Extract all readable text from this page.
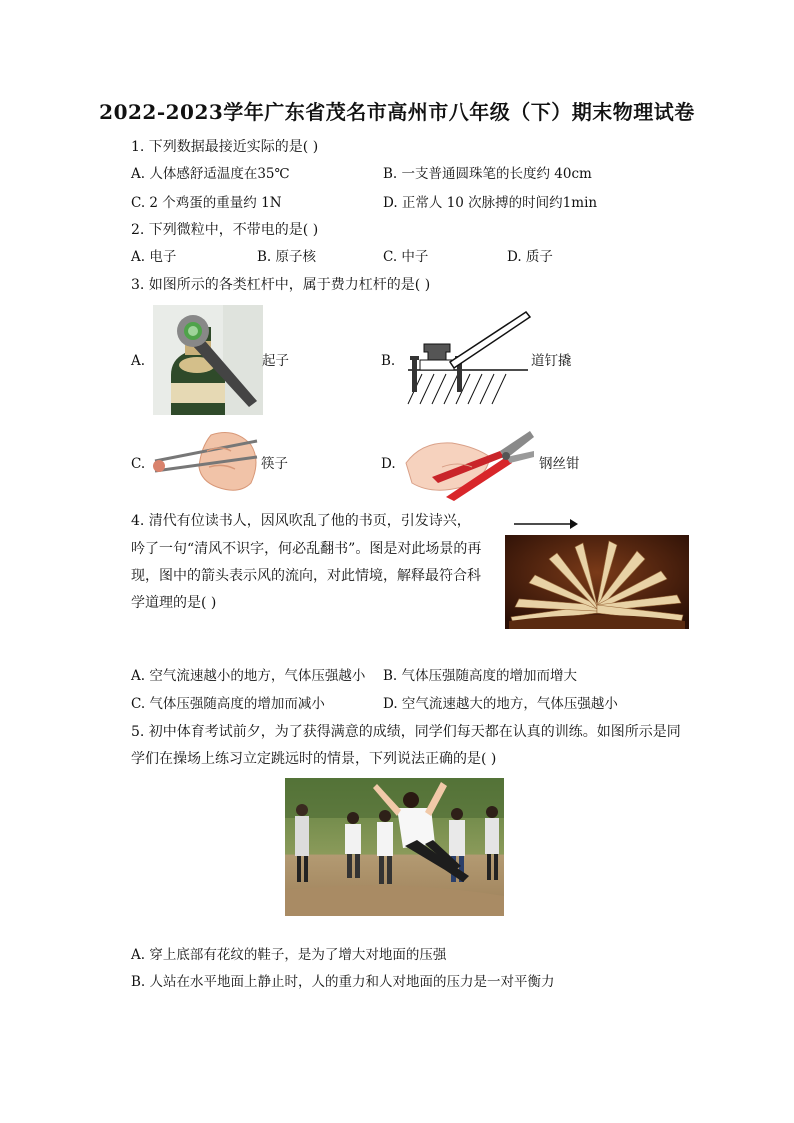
2022-2023学年广东省茂名市高州市八年级（下）期末物理试卷
1. 下列数据最接近实际的是( )
A. 人体感舒适温度在35℃	B. 一支普通圆珠笔的长度约 40cm
C. 2 个鸡蛋的重量约 1N	D. 正常人 10 次脉搏的时间约1min
2. 下列微粒中，不带电的是( )
A. 电子	B. 原子核	C. 中子	D. 质子
3. 如图所示的各类杠杆中，属于费力杠杆的是( )
A.	起子	B.	道钉撬
C.	筷子	D.	钢丝钳
4. 清代有位读书人，因风吹乱了他的书页，引发诗兴，
吟了一句“清风不识字，何必乱翻书”。图是对此场景的再
现，图中的箭头表示风的流向，对此情境，解释最符合科
学道理的是( )
A. 空气流速越小的地方，气体压强越小 B. 气体压强随高度的增加而增大
C. 气体压强随高度的增加而减小	D. 空气流速越大的地方，气体压强越小
5. 初中体育考试前夕，为了获得满意的成绩，同学们每天都在认真的训练。如图所示是同
学们在操场上练习立定跳远时的情景，下列说法正确的是( )
A. 穿上底部有花纹的鞋子，是为了增大对地面的压强
B. 人站在水平地面上静止时，人的重力和人对地面的压力是一对平衡力
